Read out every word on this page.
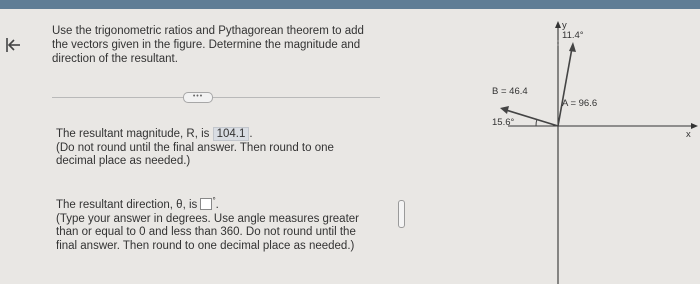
Use the trigonometric ratios and Pythagorean theorem to add the vectors given in the figure. Determine the magnitude and direction of the resultant.
•••
The resultant magnitude, R, is 104.1 .
(Do not round until the final answer. Then round to one decimal place as needed.)
The resultant direction, θ, is °.
(Type your answer in degrees. Use angle measures greater than or equal to 0 and less than 360. Do not round until the final answer. Then round to one decimal place as needed.)
y
11.4°
A = 96.6
B = 46.4
15.6°
x
